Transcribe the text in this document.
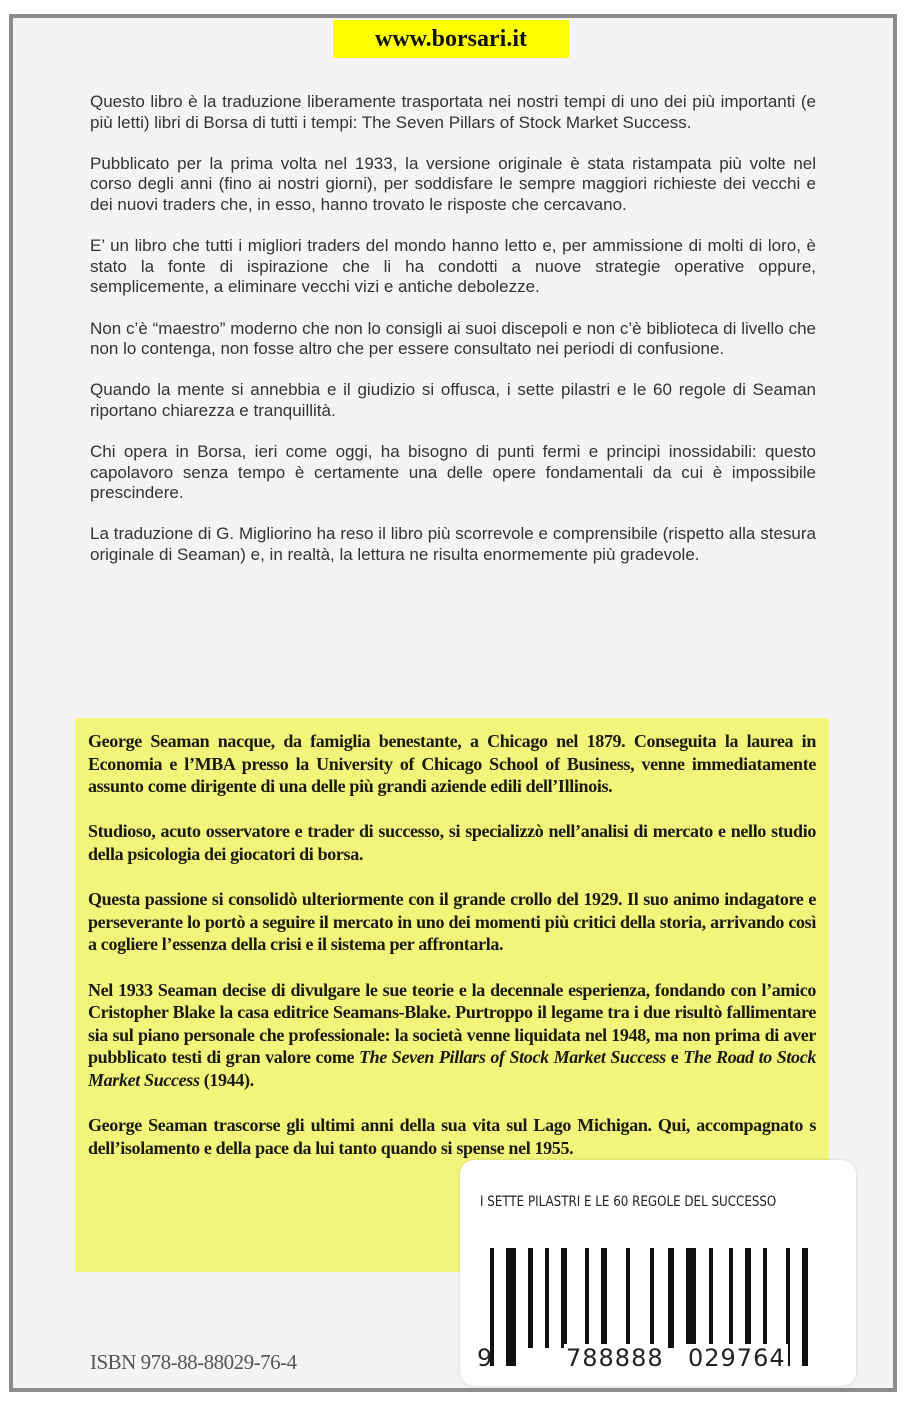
www.borsari.it

Questo libro è la traduzione liberamente trasportata nei nostri tempi di uno dei più importanti (e più letti) libri di Borsa di tutti i tempi: The Seven Pillars of Stock Market Success.

Pubblicato per la prima volta nel 1933, la versione originale è stata ristampata più volte nel corso degli anni (fino ai nostri giorni), per soddisfare le sempre maggiori richieste dei vecchi e dei nuovi traders che, in esso, hanno trovato le risposte che cercavano.

E’ un libro che tutti i migliori traders del mondo hanno letto e, per ammissione di molti di loro, è stato la fonte di ispirazione che li ha condotti a nuove strategie operative oppure, semplicemente, a eliminare vecchi vizi e antiche debolezze.

Non c’è “maestro” moderno che non lo consigli ai suoi discepoli e non c’è biblioteca di livello che non lo contenga, non fosse altro che per essere consultato nei periodi di confusione.

Quando la mente si annebbia e il giudizio si offusca, i sette pilastri e le 60 regole di Seaman riportano chiarezza e tranquillità.

Chi opera in Borsa, ieri come oggi, ha bisogno di punti fermi e principi inossidabili: questo capolavoro senza tempo è certamente una delle opere fondamentali da cui è impossibile prescindere.

La traduzione di G. Migliorino ha reso il libro più scorrevole e comprensibile (rispetto alla stesura originale di Seaman) e, in realtà, la lettura ne risulta enormemente più gradevole.

George Seaman nacque, da famiglia benestante, a Chicago nel 1879. Conseguita la laurea in Economia e l’MBA presso la University of Chicago School of Business, venne immediatamente assunto come dirigente di una delle più grandi aziende edili dell’Illinois.

Studioso, acuto osservatore e trader di successo, si specializzò nell’analisi di mercato e nello studio della psicologia dei giocatori di borsa.

Questa passione si consolidò ulteriormente con il grande crollo del 1929. Il suo animo indagatore e perseverante lo portò a seguire il mercato in uno dei momenti più critici della storia, arrivando così a cogliere l’essenza della crisi e il sistema per affrontarla.

Nel 1933 Seaman decise di divulgare le sue teorie e la decennale esperienza, fondando con l’amico Cristopher Blake la casa editrice Seamans-Blake. Purtroppo il legame tra i due risultò fallimentare sia sul piano personale che professionale: la società venne liquidata nel 1948, ma non prima di aver pubblicato testi di gran valore come The Seven Pillars of Stock Market Success e The Road to Stock Market Success (1944).

George Seaman trascorse gli ultimi anni della sua vita sul Lago Michigan. Qui, accompagnato s dell’isolamento e della pace da lui tanto quando si spense nel 1955.

ISBN 978-88-88029-76-4
I SETTE PILASTRI E LE 60 REGOLE DEL SUCCESSO
9	788888 029764
